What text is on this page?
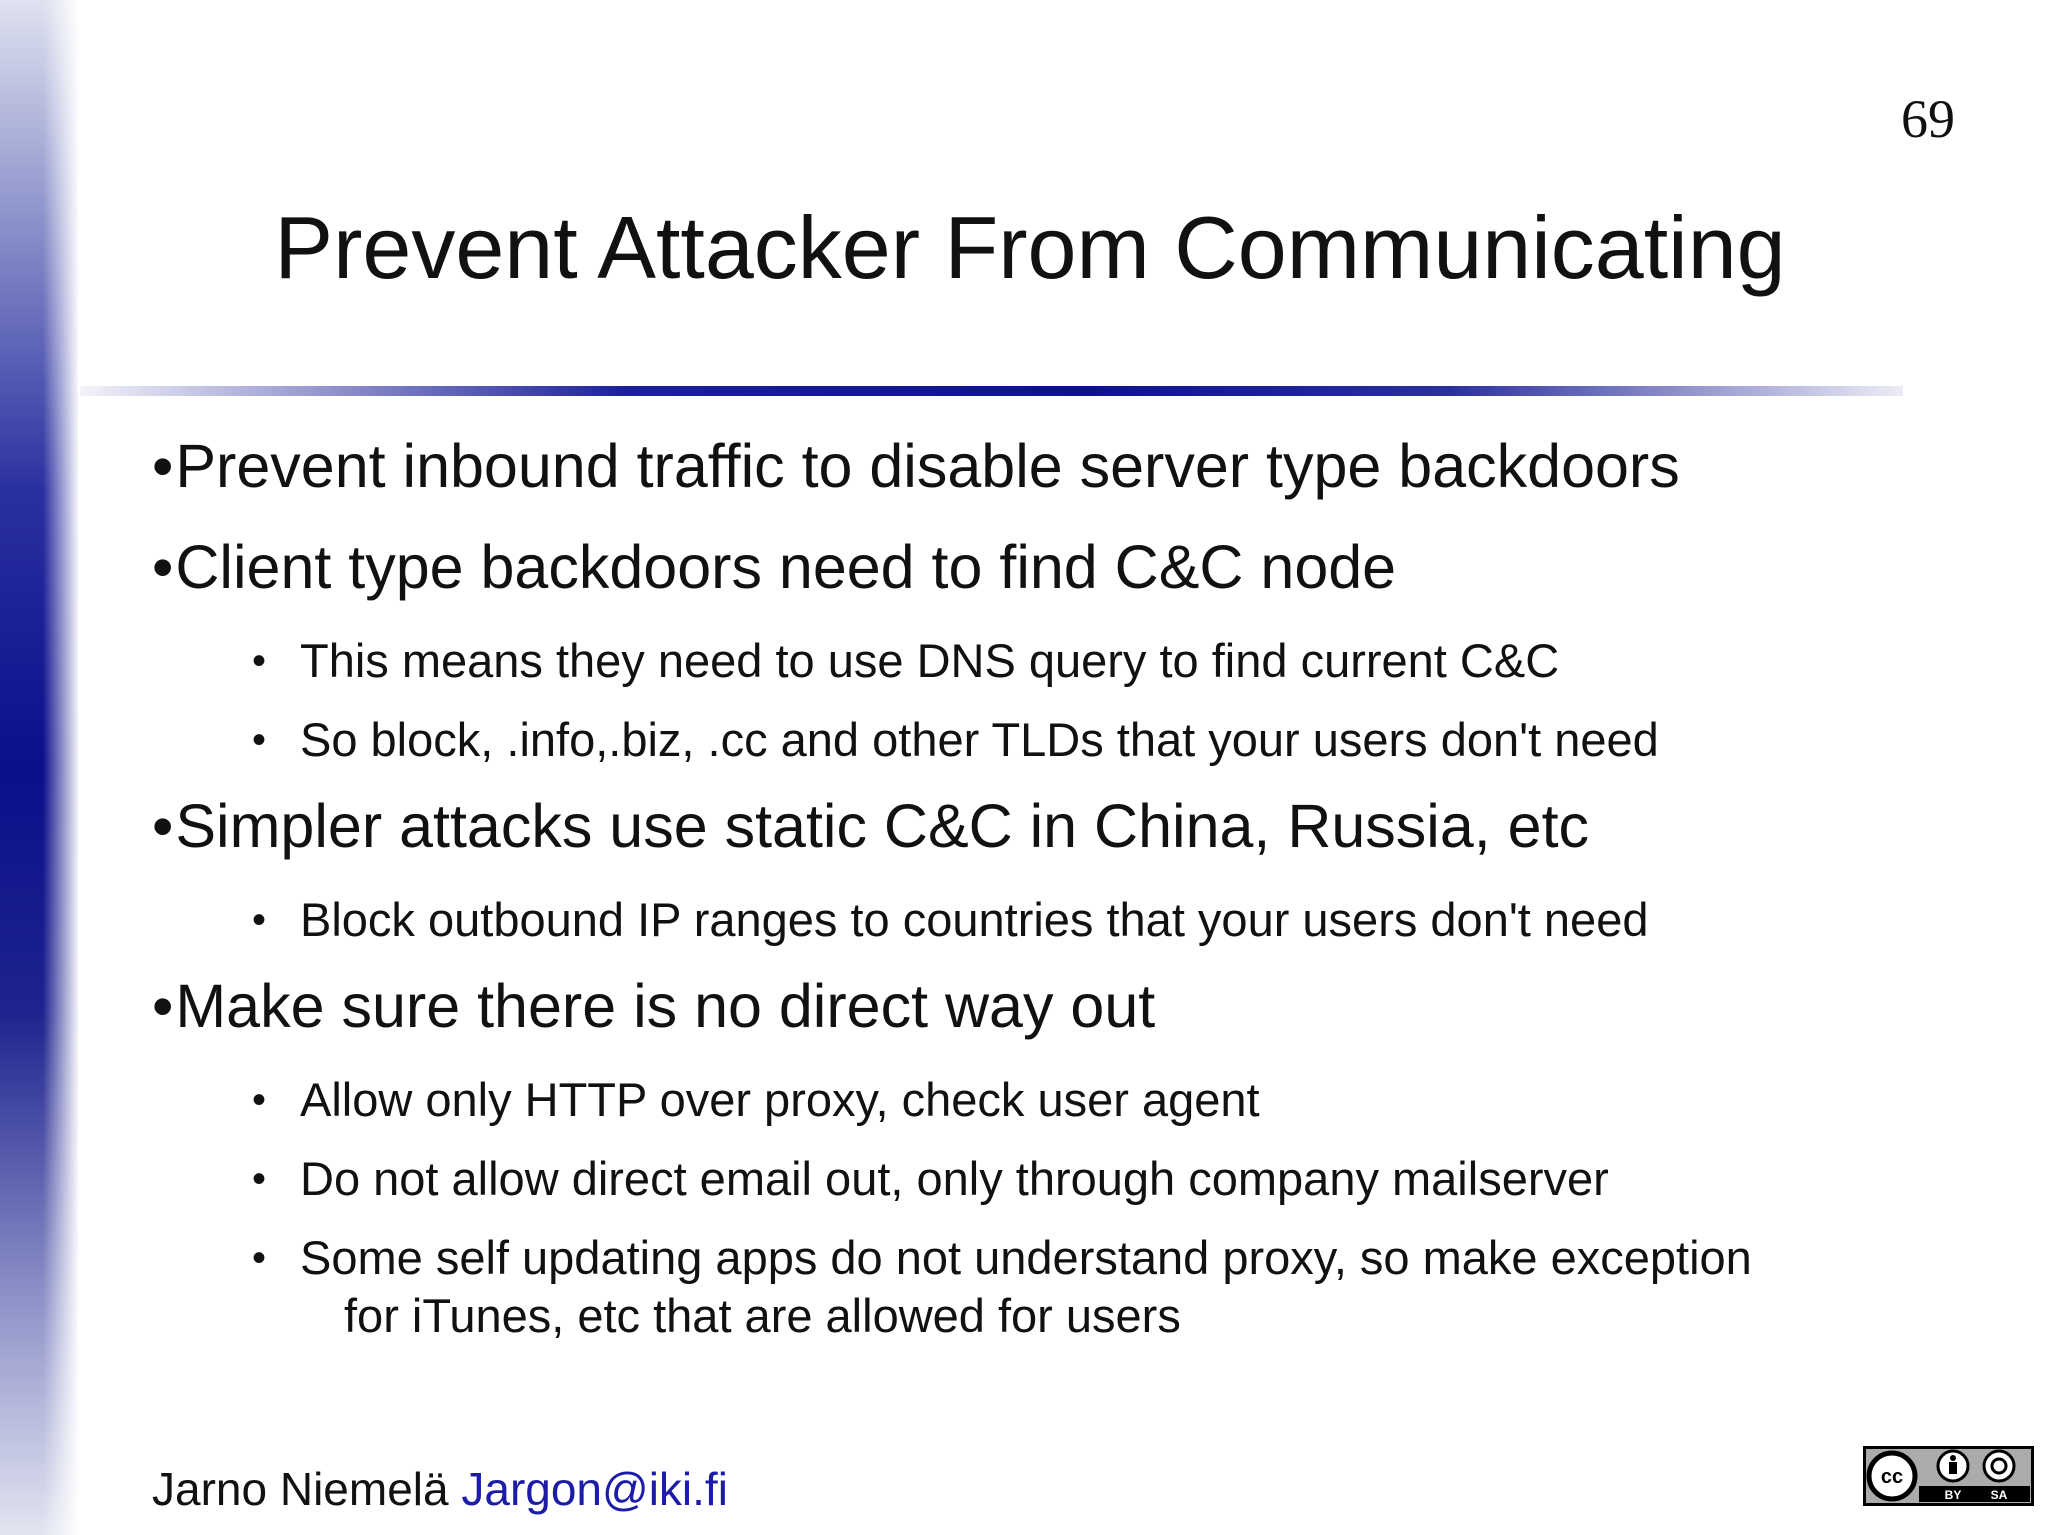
69
Prevent Attacker From Communicating
•Prevent inbound traffic to disable server type backdoors
•Client type backdoors need to find C&C node
• This means they need to use DNS query to find current C&C
• So block, .info,.biz, .cc and other TLDs that your users don't need
•Simpler attacks use static C&C in China, Russia, etc
• Block outbound IP ranges to countries that your users don't need
•Make sure there is no direct way out
• Allow only HTTP over proxy, check user agent
• Do not allow direct email out, only through company mailserver
• Some self updating apps do not understand proxy, so make exception
for iTunes, etc that are allowed for users
Jarno Niemelä Jargon@iki.fi	cc
BY SA
